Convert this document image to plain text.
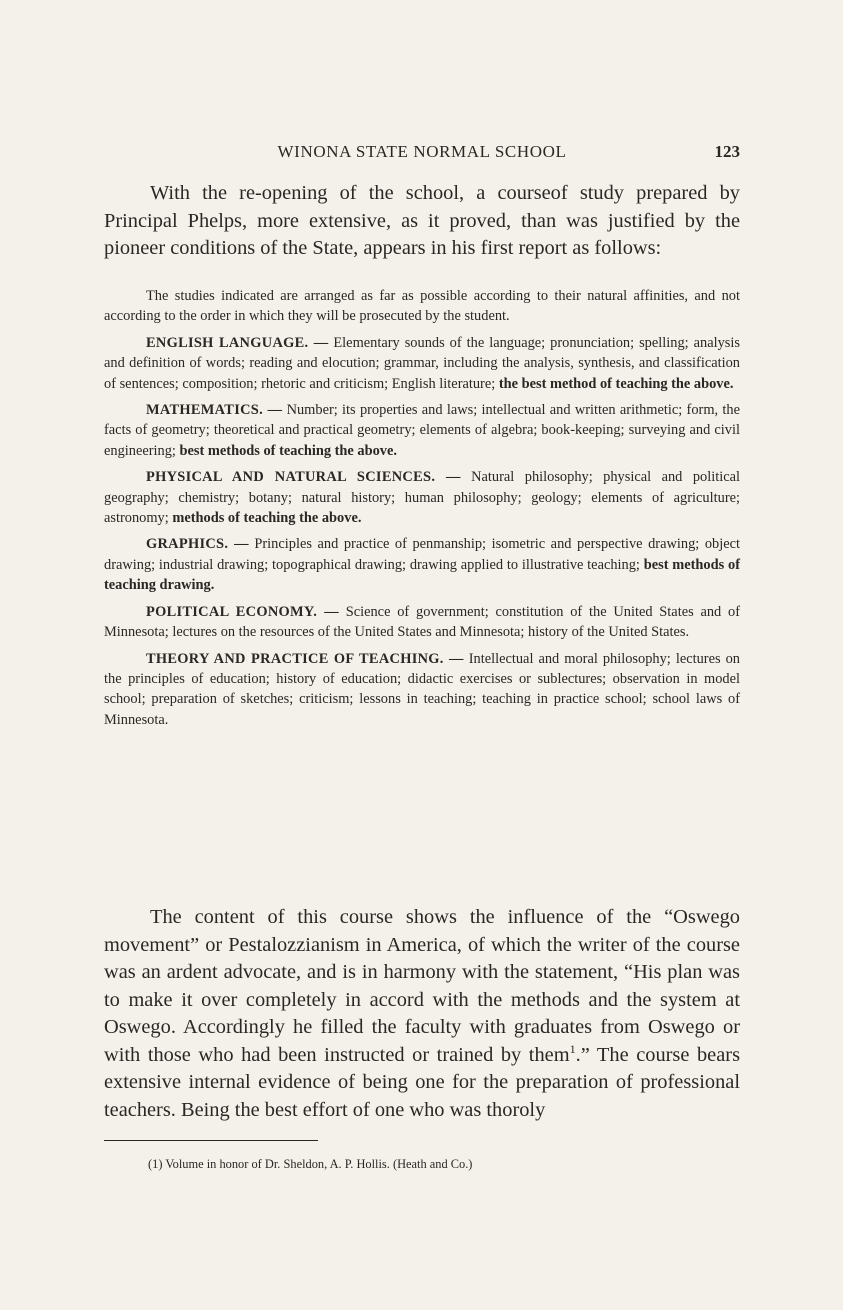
WINONA STATE NORMAL SCHOOL	123

With the re-opening of the school, a courseof study prepared by Principal Phelps, more extensive, as it proved, than was justified by the pioneer conditions of the State, appears in his first report as follows:

The studies indicated are arranged as far as possible according to their natural affinities, and not according to the order in which they will be prosecuted by the student.

ENGLISH LANGUAGE. — Elementary sounds of the language; pronunciation; spelling; analysis and definition of words; reading and elocution; grammar, including the analysis, synthesis, and classification of sentences; composition; rhetoric and criticism; English literature; the best method of teaching the above.

MATHEMATICS. — Number; its properties and laws; intellectual and written arithmetic; form, the facts of geometry; theoretical and practical geometry; elements of algebra; book-keeping; surveying and civil engineering; best methods of teaching the above.

PHYSICAL AND NATURAL SCIENCES. — Natural philosophy; physical and political geography; chemistry; botany; natural history; human philosophy; geology; elements of agriculture; astronomy; methods of teaching the above.

GRAPHICS. — Principles and practice of penmanship; isometric and perspective drawing; object drawing; industrial drawing; topographical drawing; drawing applied to illustrative teaching; best methods of teaching drawing.

POLITICAL ECONOMY. — Science of government; constitution of the United States and of Minnesota; lectures on the resources of the United States and Minnesota; history of the United States.

THEORY AND PRACTICE OF TEACHING. — Intellectual and moral philosophy; lectures on the principles of education; history of education; didactic exercises or sublectures; observation in model school; preparation of sketches; criticism; lessons in teaching; teaching in practice school; school laws of Minnesota.

The content of this course shows the influence of the “Oswego movement” or Pestalozzianism in America, of which the writer of the course was an ardent advocate, and is in harmony with the statement, “His plan was to make it over completely in accord with the methods and the system at Oswego. Accordingly he filled the faculty with graduates from Oswego or with those who had been instructed or trained by them$^1$.” The course bears extensive internal evidence of being one for the preparation of professional teachers. Being the best effort of one who was thoroly

(1) Volume in honor of Dr. Sheldon, A. P. Hollis. (Heath and Co.)
